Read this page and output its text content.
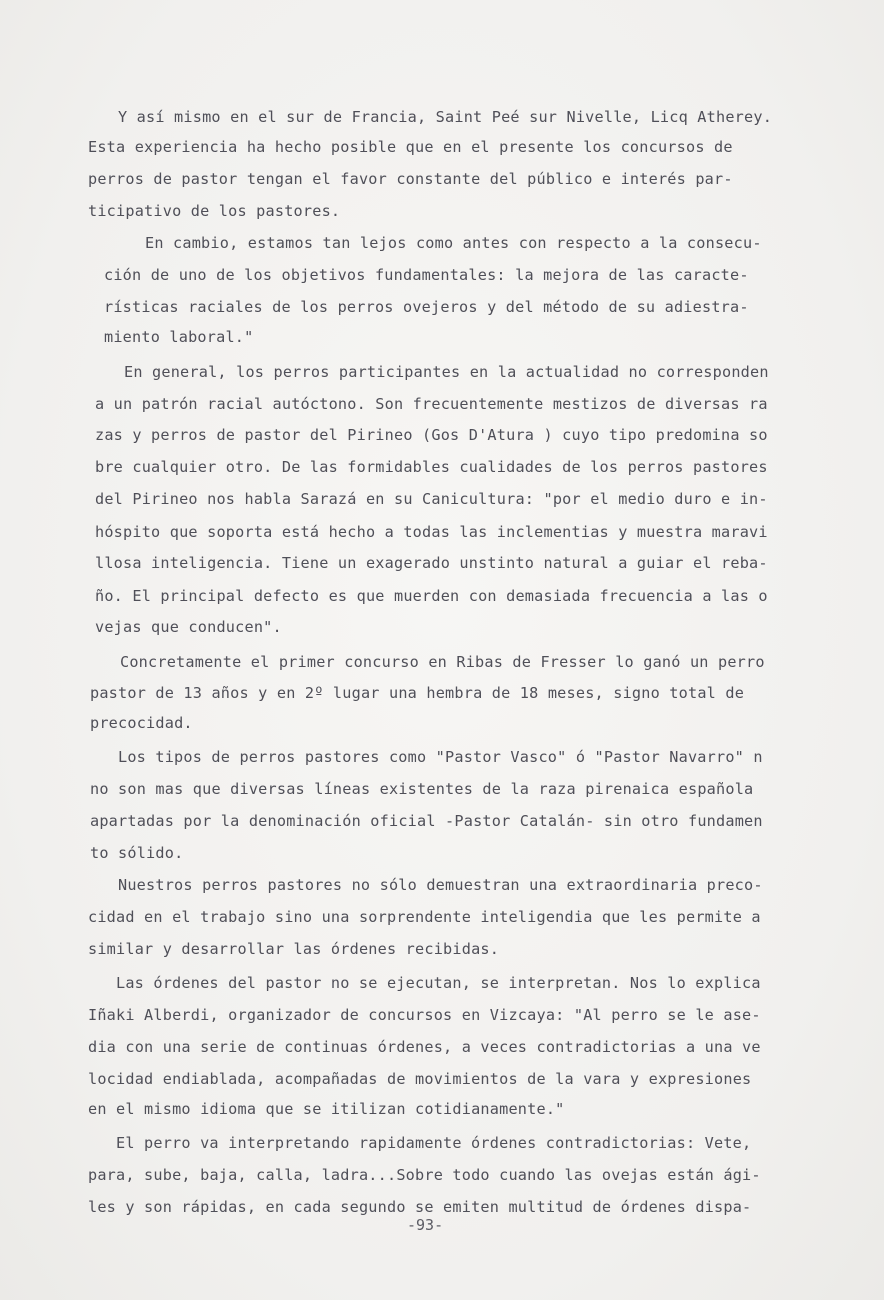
Y así mismo en el sur de Francia, Saint Peé sur Nivelle, Licq Atherey.
Esta experiencia ha hecho posible que en el presente los concursos de
perros de pastor tengan el favor constante del público e interés par-
ticipativo de los pastores.
En cambio, estamos tan lejos como antes con respecto a la consecu-
ción de uno de los objetivos fundamentales: la mejora de las caracte-
rísticas raciales de los perros ovejeros y del método de su adiestra-
miento laboral."
En general, los perros participantes en la actualidad no corresponden
a un patrón racial autóctono. Son frecuentemente mestizos de diversas ra
zas y perros de pastor del Pirineo (Gos D'Atura ) cuyo tipo predomina so
bre cualquier otro. De las formidables cualidades de los perros pastores
del Pirineo nos habla Sarazá en su Canicultura: "por el medio duro e in-
hóspito que soporta está hecho a todas las inclementias y muestra maravi
llosa inteligencia. Tiene un exagerado unstinto natural a guiar el reba-
ño. El principal defecto es que muerden con demasiada frecuencia a las o
vejas que conducen".
Concretamente el primer concurso en Ribas de Fresser lo ganó un perro
pastor de 13 años y en 2º lugar una hembra de 18 meses, signo total de
precocidad.
Los tipos de perros pastores como "Pastor Vasco" ó "Pastor Navarro" n
no son mas que diversas líneas existentes de la raza pirenaica española
apartadas por la denominación oficial -Pastor Catalán- sin otro fundamen
to sólido.
Nuestros perros pastores no sólo demuestran una extraordinaria preco-
cidad en el trabajo sino una sorprendente inteligendia que les permite a
similar y desarrollar las órdenes recibidas.
Las órdenes del pastor no se ejecutan, se interpretan. Nos lo explica
Iñaki Alberdi, organizador de concursos en Vizcaya: "Al perro se le ase-
dia con una serie de continuas órdenes, a veces contradictorias a una ve
locidad endiablada, acompañadas de movimientos de la vara y expresiones
en el mismo idioma que se itilizan cotidianamente."
El perro va interpretando rapidamente órdenes contradictorias: Vete,
para, sube, baja, calla, ladra...Sobre todo cuando las ovejas están ági-
les y son rápidas, en cada segundo se emiten multitud de órdenes dispa-
-93-
